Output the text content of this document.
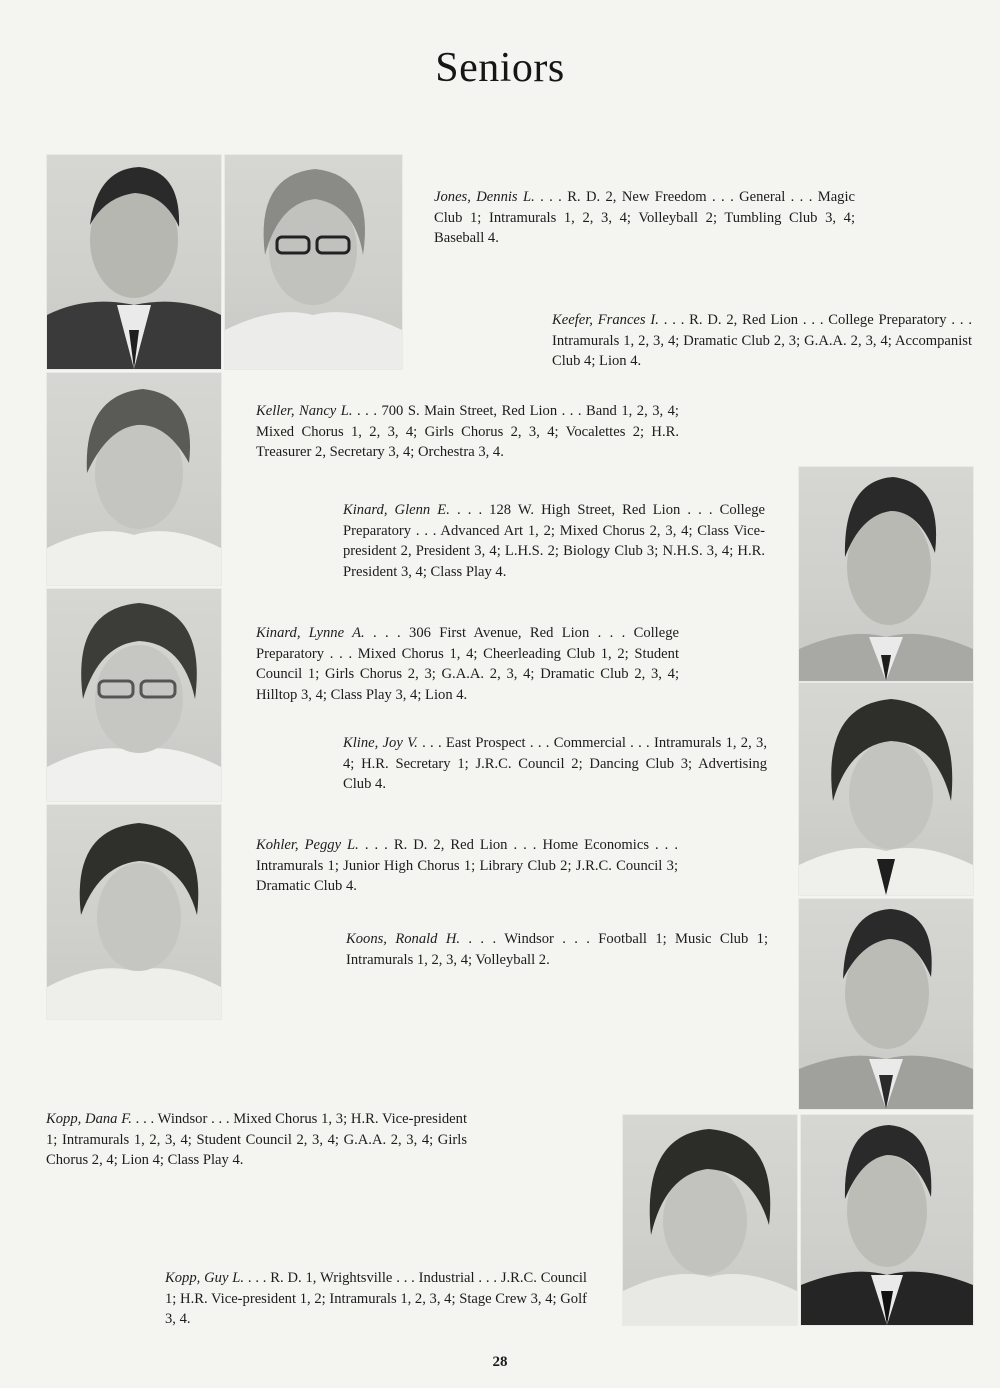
Seniors
Jones, Dennis L. . . . R. D. 2, New Freedom . . . General . . . Magic Club 1; Intramurals 1, 2, 3, 4; Volleyball 2; Tumbling Club 3, 4; Baseball 4.
Keefer, Frances I. . . . R. D. 2, Red Lion . . . College Preparatory . . . Intramurals 1, 2, 3, 4; Dramatic Club 2, 3; G.A.A. 2, 3, 4; Accompanist Club 4; Lion 4.
Keller, Nancy L. . . . 700 S. Main Street, Red Lion . . . Band 1, 2, 3, 4; Mixed Chorus 1, 2, 3, 4; Girls Chorus 2, 3, 4; Vocalettes 2; H.R. Treasurer 2, Secretary 3, 4; Orchestra 3, 4.
Kinard, Glenn E. . . . 128 W. High Street, Red Lion . . . College Preparatory . . . Advanced Art 1, 2; Mixed Chorus 2, 3, 4; Class Vice-president 2, President 3, 4; L.H.S. 2; Biology Club 3; N.H.S. 3, 4; H.R. President 3, 4; Class Play 4.
Kinard, Lynne A. . . . 306 First Avenue, Red Lion . . . College Preparatory . . . Mixed Chorus 1, 4; Cheerleading Club 1, 2; Student Council 1; Girls Chorus 2, 3; G.A.A. 2, 3, 4; Dramatic Club 2, 3, 4; Hilltop 3, 4; Class Play 3, 4; Lion 4.
Kline, Joy V. . . . East Prospect . . . Commercial . . . Intramurals 1, 2, 3, 4; H.R. Secretary 1; J.R.C. Council 2; Dancing Club 3; Advertising Club 4.
Kohler, Peggy L. . . . R. D. 2, Red Lion . . . Home Economics . . . Intramurals 1; Junior High Chorus 1; Library Club 2; J.R.C. Council 3; Dramatic Club 4.
Koons, Ronald H. . . . Windsor . . . Football 1; Music Club 1; Intramurals 1, 2, 3, 4; Volleyball 2.
Kopp, Dana F. . . . Windsor . . . Mixed Chorus 1, 3; H.R. Vice-president 1; Intramurals 1, 2, 3, 4; Student Council 2, 3, 4; G.A.A. 2, 3, 4; Girls Chorus 2, 4; Lion 4; Class Play 4.
Kopp, Guy L. . . . R. D. 1, Wrightsville . . . Industrial . . . J.R.C. Council 1; H.R. Vice-president 1, 2; Intramurals 1, 2, 3, 4; Stage Crew 3, 4; Golf 3, 4.
28
